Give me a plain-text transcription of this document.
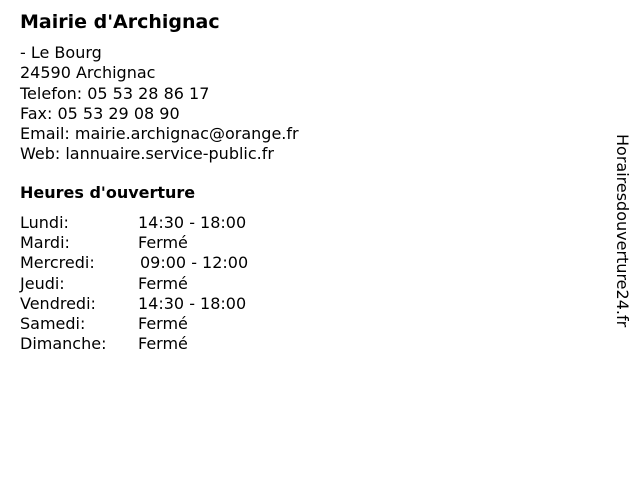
Mairie d'Archignac
- Le Bourg
24590 Archignac
Telefon: 05 53 28 86 17
Fax: 05 53 29 08 90
Email: mairie.archignac@orange.fr
Web: lannuaire.service-public.fr
Heures d'ouverture
Lundi:	14:30 - 18:00
Mardi:	Fermé
Mercredi:	09:00 - 12:00
Jeudi:	Fermé
Vendredi:	14:30 - 18:00
Samedi:	Fermé
Dimanche: Fermé
Horairesdouverture24.fr
